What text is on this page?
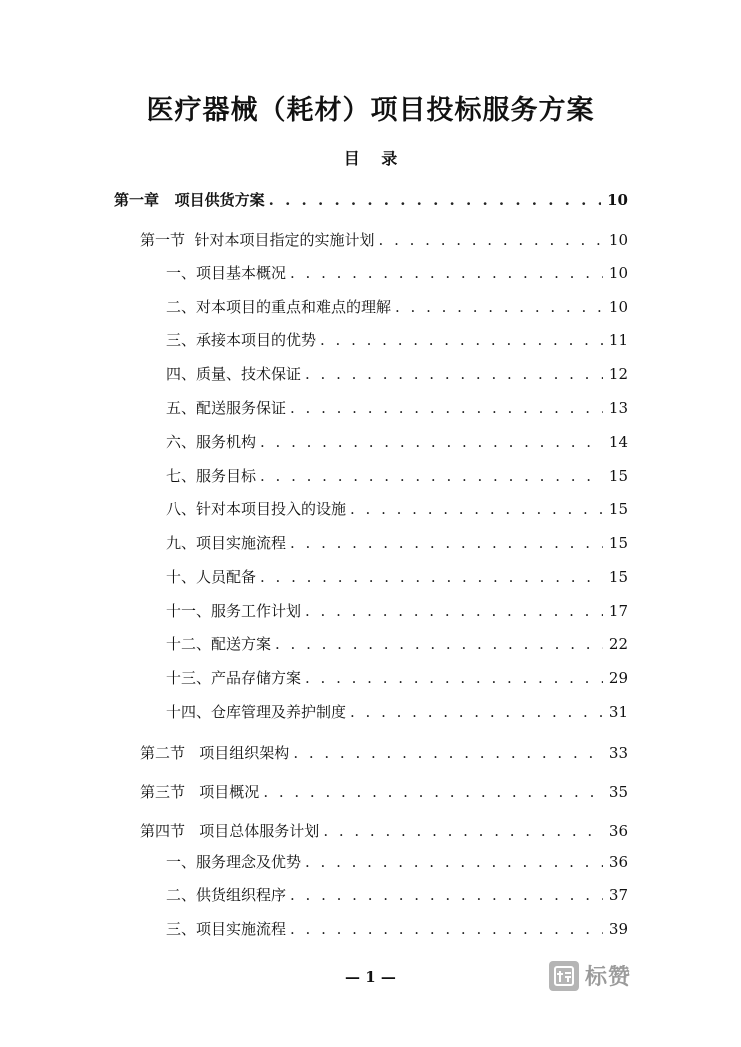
医疗器械（耗材）项目投标服务方案
目 录
第一章   项目供货方案 . . .	10
第一节  针对本项目指定的实施计划 . . .	10
一、项目基本概况 . . .	10
二、对本项目的重点和难点的理解 . . .	10
三、承接本项目的优势 . . .	11
四、质量、技术保证 . . .	12
五、配送服务保证 . . .	13
六、服务机构 . . .	14
七、服务目标 . . .	15
八、针对本项目投入的设施 . . .	15
九、项目实施流程 . . .	15
十、人员配备 . . .	15
十一、服务工作计划 . . .	17
十二、配送方案 . . .	22
十三、产品存储方案 . . .	29
十四、仓库管理及养护制度 . . .	31
第二节   项目组织架构 . . .	33
第三节   项目概况 . . .	35
第四节   项目总体服务计划 . . .	36
一、服务理念及优势 . . .	36
二、供货组织程序 . . .	37
三、项目实施流程 . . .	39
— 1 —	标赞
